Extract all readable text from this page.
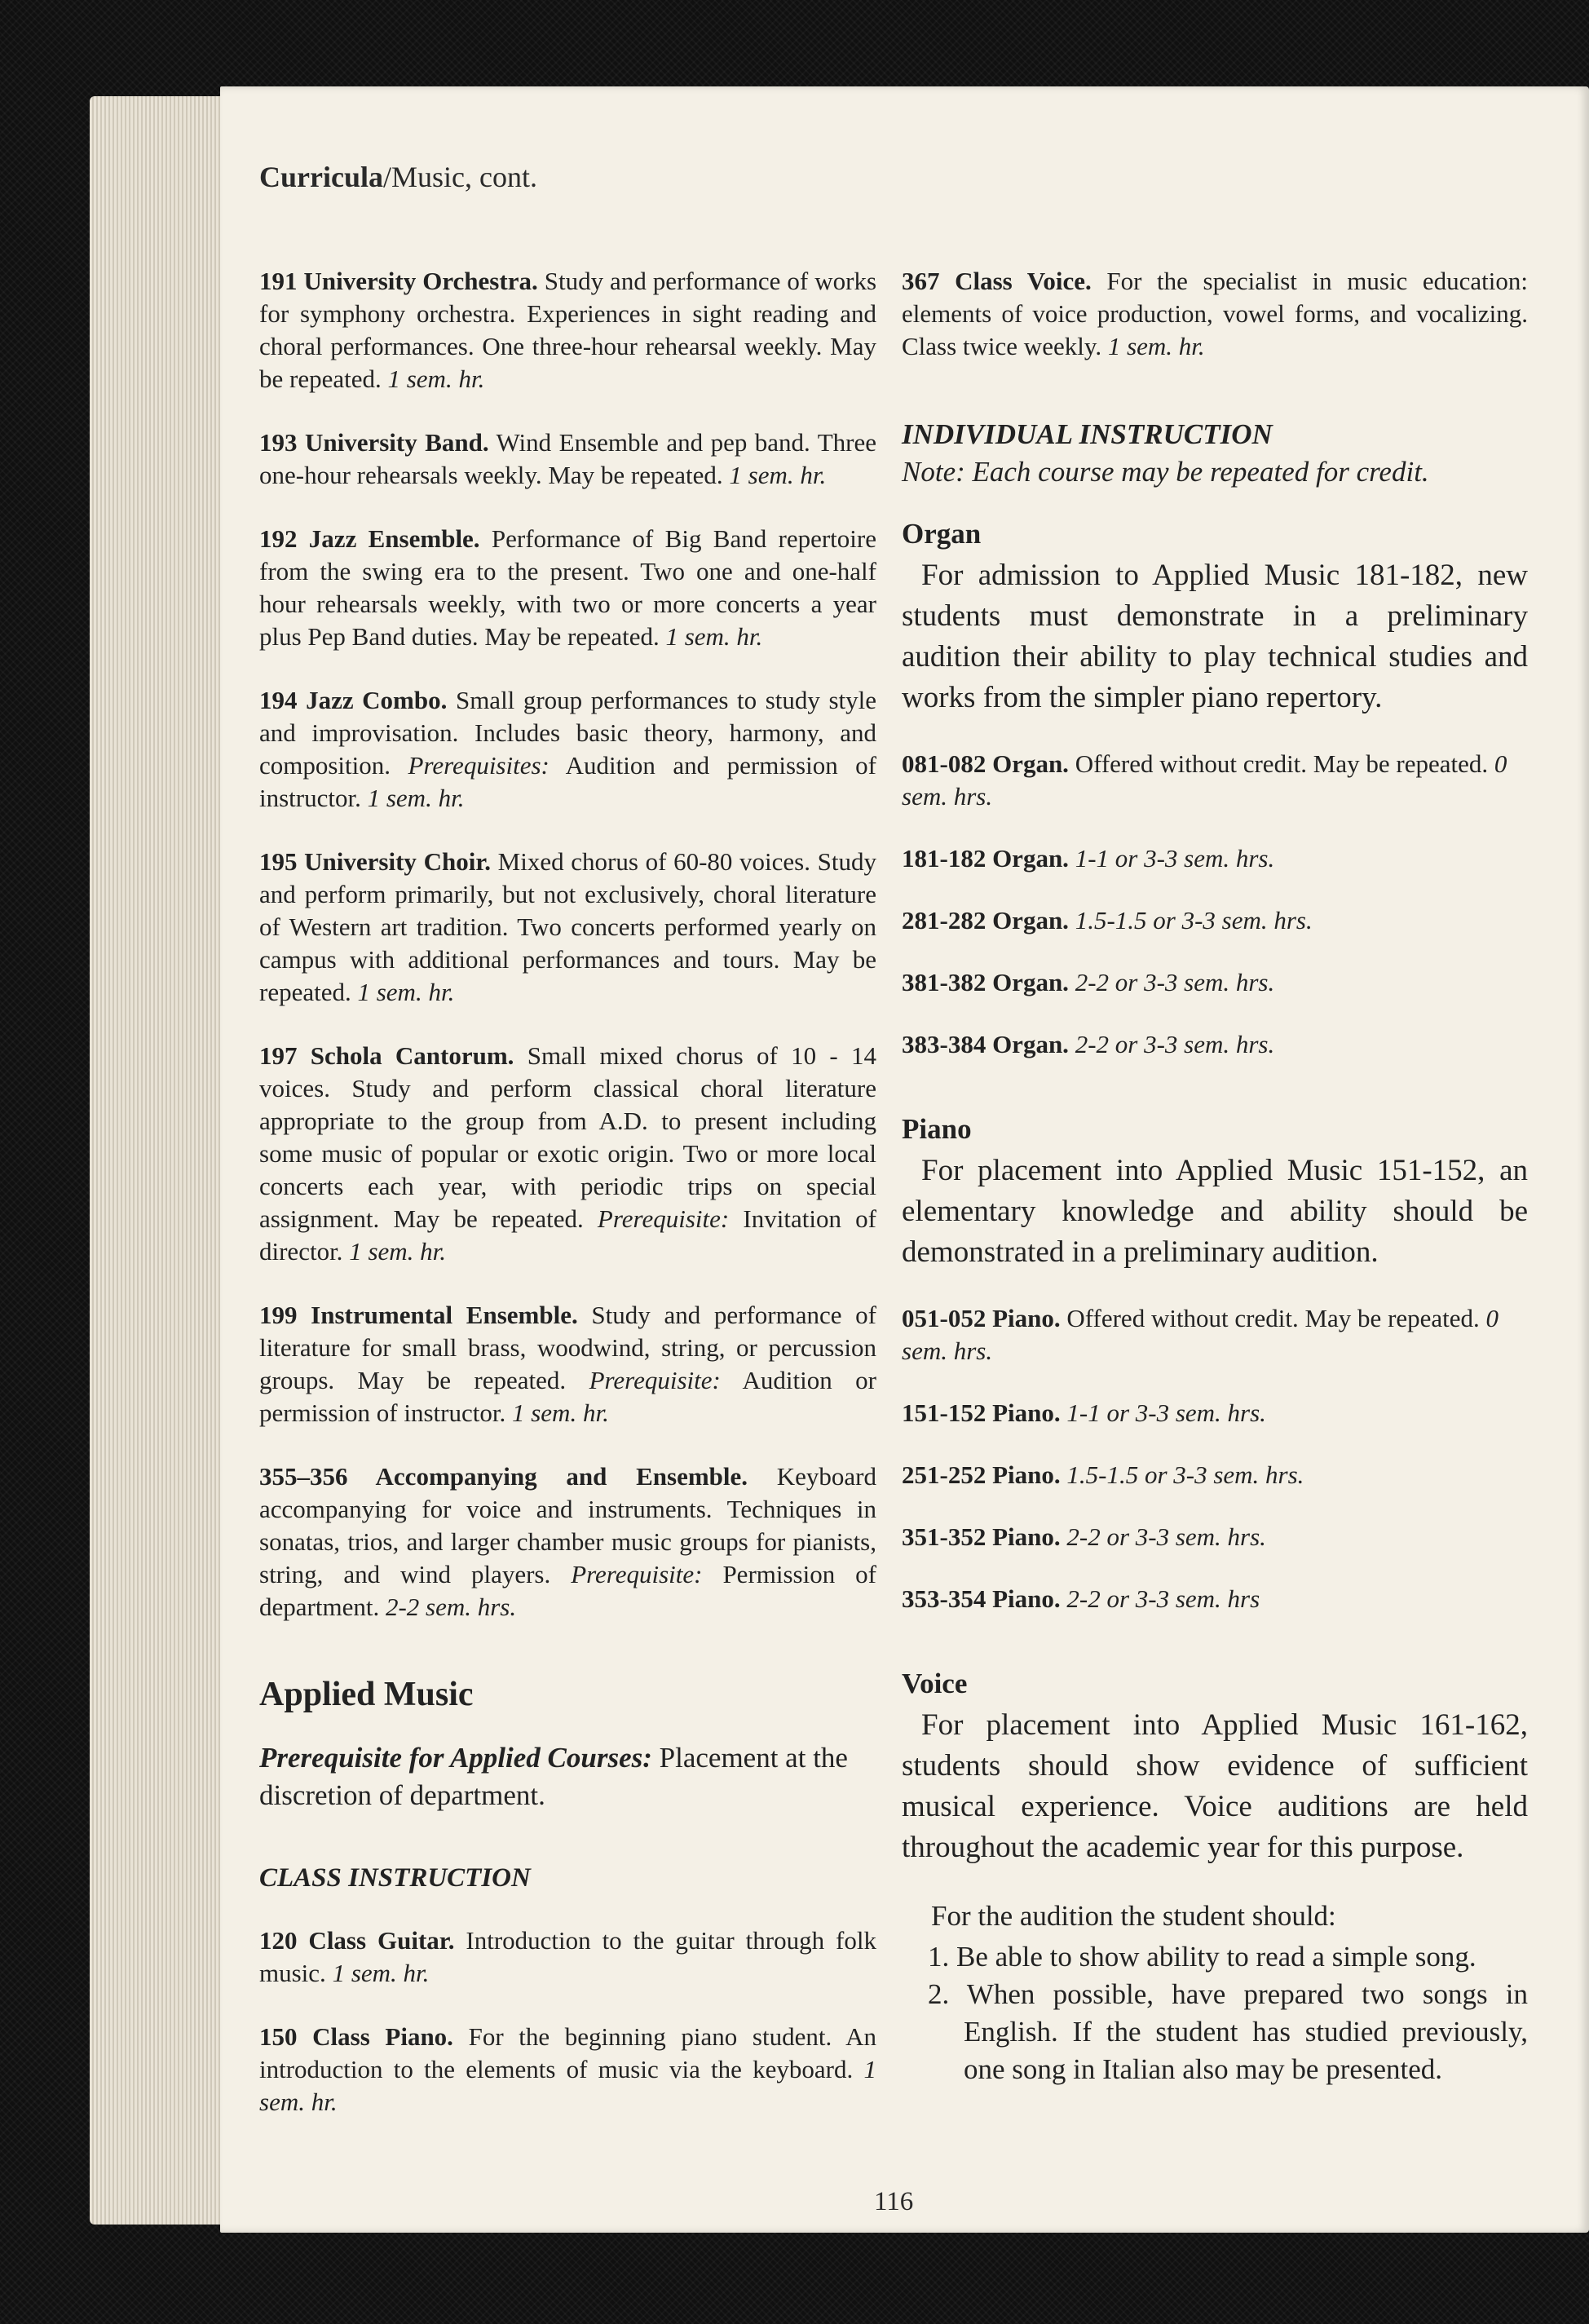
Curricula/Music, cont.
191 University Orchestra. Study and performance of works for symphony orchestra. Experiences in sight reading and choral performances. One three-hour rehearsal weekly. May be repeated. 1 sem. hr.
193 University Band. Wind Ensemble and pep band. Three one-hour rehearsals weekly. May be repeated. 1 sem. hr.
192 Jazz Ensemble. Performance of Big Band repertoire from the swing era to the present. Two one and one-half hour rehearsals weekly, with two or more concerts a year plus Pep Band duties. May be repeated. 1 sem. hr.
194 Jazz Combo. Small group performances to study style and improvisation. Includes basic theory, harmony, and composition. Prerequisites: Audition and permission of instructor. 1 sem. hr.
195 University Choir. Mixed chorus of 60-80 voices. Study and perform primarily, but not exclusively, choral literature of Western art tradition. Two concerts performed yearly on campus with additional performances and tours. May be repeated. 1 sem. hr.
197 Schola Cantorum. Small mixed chorus of 10 - 14 voices. Study and perform classical choral literature appropriate to the group from A.D. to present including some music of popular or exotic origin. Two or more local concerts each year, with periodic trips on special assignment. May be repeated. Prerequisite: Invitation of director. 1 sem. hr.
199 Instrumental Ensemble. Study and performance of literature for small brass, woodwind, string, or percussion groups. May be repeated. Prerequisite: Audition or permission of instructor. 1 sem. hr.
355–356 Accompanying and Ensemble. Keyboard accompanying for voice and instruments. Techniques in sonatas, trios, and larger chamber music groups for pianists, string, and wind players. Prerequisite: Permission of department. 2-2 sem. hrs.
Applied Music
Prerequisite for Applied Courses: Placement at the discretion of department.
CLASS INSTRUCTION
120 Class Guitar. Introduction to the guitar through folk music. 1 sem. hr.
150 Class Piano. For the beginning piano student. An introduction to the elements of music via the keyboard. 1 sem. hr.
367 Class Voice. For the specialist in music education: elements of voice production, vowel forms, and vocalizing. Class twice weekly. 1 sem. hr.
INDIVIDUAL INSTRUCTION
Note: Each course may be repeated for credit.
Organ
For admission to Applied Music 181-182, new students must demonstrate in a preliminary audition their ability to play technical studies and works from the simpler piano repertory.
081-082 Organ. Offered without credit. May be repeated. 0 sem. hrs.
181-182 Organ. 1-1 or 3-3 sem. hrs.
281-282 Organ. 1.5-1.5 or 3-3 sem. hrs.
381-382 Organ. 2-2 or 3-3 sem. hrs.
383-384 Organ. 2-2 or 3-3 sem. hrs.
Piano
For placement into Applied Music 151-152, an elementary knowledge and ability should be demonstrated in a preliminary audition.
051-052 Piano. Offered without credit. May be repeated. 0 sem. hrs.
151-152 Piano. 1-1 or 3-3 sem. hrs.
251-252 Piano. 1.5-1.5 or 3-3 sem. hrs.
351-352 Piano. 2-2 or 3-3 sem. hrs.
353-354 Piano. 2-2 or 3-3 sem. hrs
Voice
For placement into Applied Music 161-162, students should show evidence of sufficient musical experience. Voice auditions are held throughout the academic year for this purpose.
For the audition the student should:
1. Be able to show ability to read a simple song.
2. When possible, have prepared two songs in English. If the student has studied previously, one song in Italian also may be presented.
116
